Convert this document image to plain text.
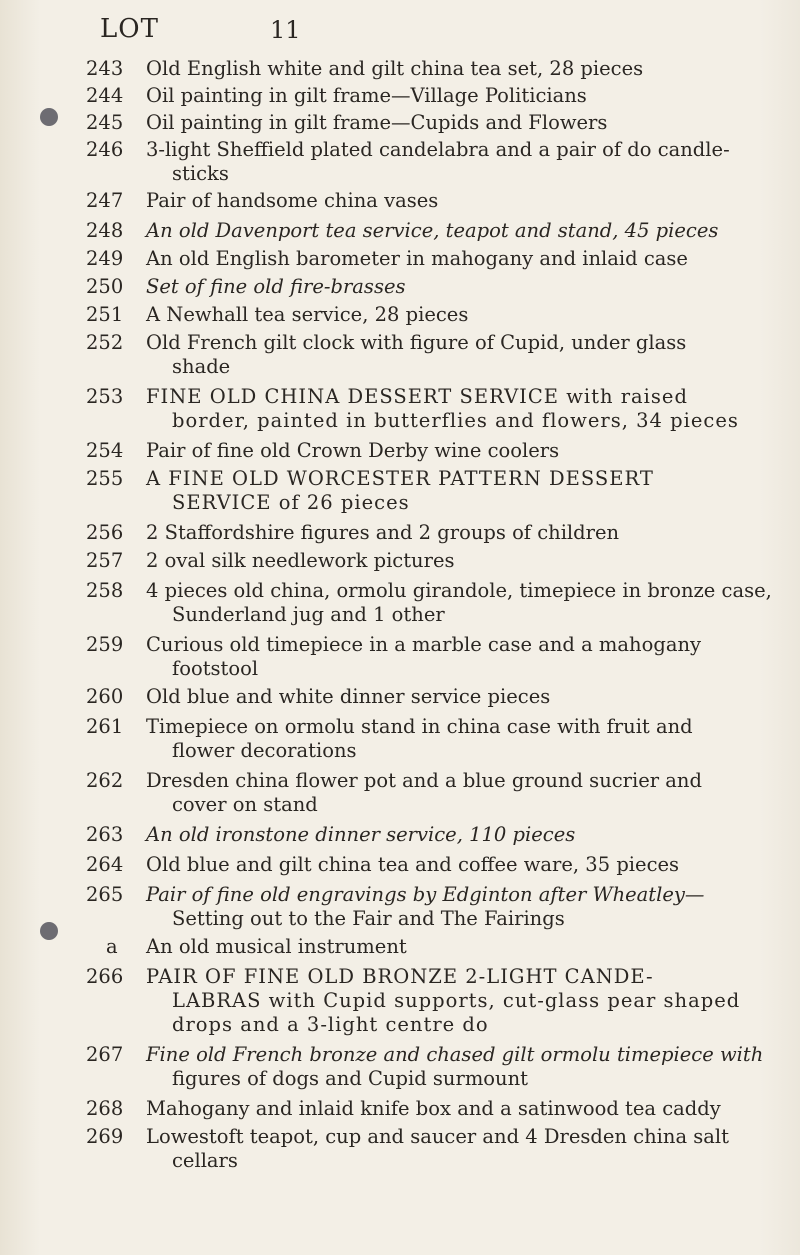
LOT	11
243	Old English white and gilt china tea set, 28 pieces
244	Oil painting in gilt frame—Village Politicians
245	Oil painting in gilt frame—Cupids and Flowers
246	3-light Sheffield plated candelabra and a pair of do candle-
sticks
247	Pair of handsome china vases
248	An old Davenport tea service, teapot and stand, 45 pieces
249	An old English barometer in mahogany and inlaid case
250	Set of fine old fire-brasses
251	A Newhall tea service, 28 pieces
252	Old French gilt clock with figure of Cupid, under glass
shade
253	FINE OLD CHINA DESSERT SERVICE with raised
border, painted in butterflies and flowers, 34 pieces
254	Pair of fine old Crown Derby wine coolers
255	A FINE OLD WORCESTER PATTERN DESSERT
SERVICE of 26 pieces
256	2 Staffordshire figures and 2 groups of children
257	2 oval silk needlework pictures
258	4 pieces old china, ormolu girandole, timepiece in bronze case,
Sunderland jug and 1 other
259	Curious old timepiece in a marble case and a mahogany
footstool
260	Old blue and white dinner service pieces
261	Timepiece on ormolu stand in china case with fruit and
flower decorations
262	Dresden china flower pot and a blue ground sucrier and
cover on stand
263	An old ironstone dinner service, 110 pieces
264	Old blue and gilt china tea and coffee ware, 35 pieces
265	Pair of fine old engravings by Edginton after Wheatley—
Setting out to the Fair and The Fairings
a	An old musical instrument
266	PAIR OF FINE OLD BRONZE 2-LIGHT CANDE-
LABRAS with Cupid supports, cut-glass pear shaped
drops and a 3-light centre do
267	Fine old French bronze and chased gilt ormolu timepiece with
figures of dogs and Cupid surmount
268	Mahogany and inlaid knife box and a satinwood tea caddy
269	Lowestoft teapot, cup and saucer and 4 Dresden china salt
cellars
